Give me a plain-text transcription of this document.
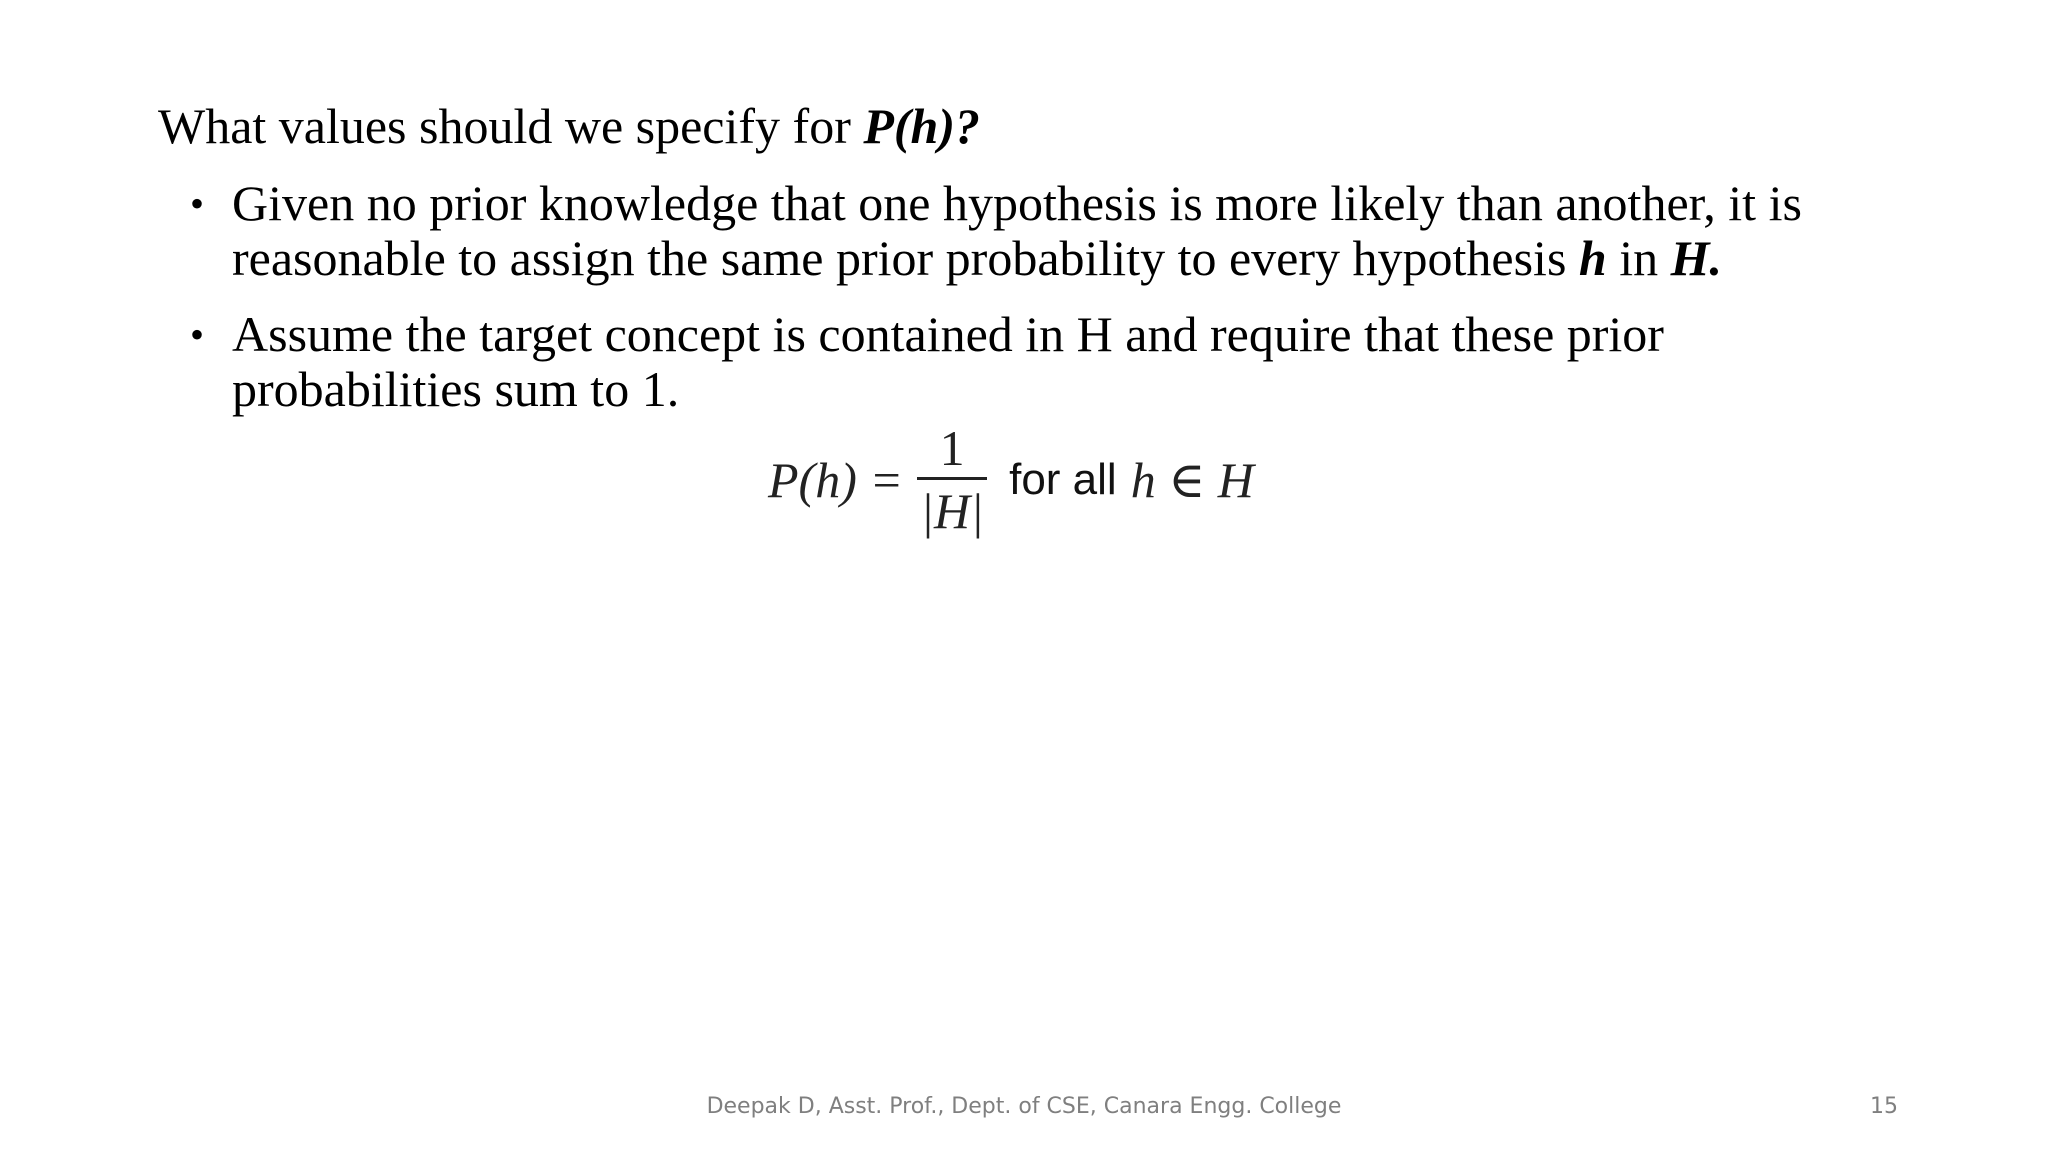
What values should we specify for P(h)?
• Given no prior knowledge that one hypothesis is more likely than another, it is reasonable to assign the same prior probability to every hypothesis h in H.
• Assume the target concept is contained in H and require that these prior probabilities sum to 1.
$P(h) = \frac{1}{|H|}$ for all h ∈ H
Deepak D, Asst. Prof., Dept. of CSE, Canara Engg. College	15
